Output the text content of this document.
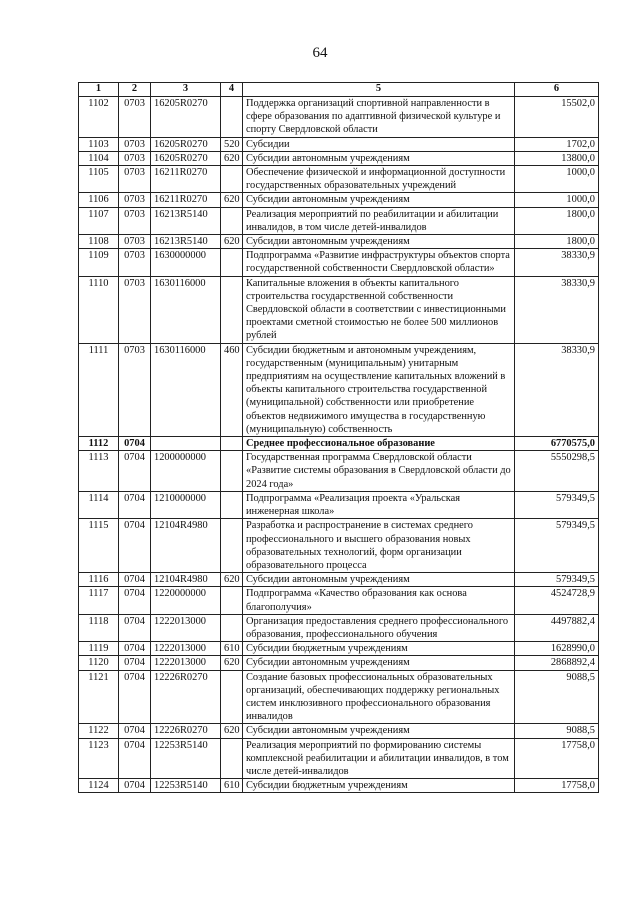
64
1	2	3	4	5	6
1102	0703	16205R0270		Поддержка организаций спортивной направленности в сфере образования по адаптивной физической культуре и спорту Свердловской области	15502,0
1103	0703	16205R0270	520	Субсидии	1702,0
1104	0703	16205R0270	620	Субсидии автономным учреждениям	13800,0
1105	0703	16211R0270		Обеспечение физической и информационной доступности государственных образовательных учреждений	1000,0
1106	0703	16211R0270	620	Субсидии автономным учреждениям	1000,0
1107	0703	16213R5140		Реализация мероприятий по реабилитации и абилитации инвалидов, в том числе детей-инвалидов	1800,0
1108	0703	16213R5140	620	Субсидии автономным учреждениям	1800,0
1109	0703	1630000000		Подпрограмма «Развитие инфраструктуры объектов спорта государственной собственности Свердловской области»	38330,9
1110	0703	1630116000		Капитальные вложения в объекты капитального строительства государственной собственности Свердловской области в соответствии с инвестиционными проектами сметной стоимостью не более 500 миллионов рублей	38330,9
1111	0703	1630116000	460	Субсидии бюджетным и автономным учреждениям, государственным (муниципальным) унитарным предприятиям на осуществление капитальных вложений в объекты капитального строительства государственной (муниципальной) собственности или приобретение объектов недвижимого имущества в государственную (муниципальную) собственность	38330,9
1112	0704			Среднее профессиональное образование	6770575,0
1113	0704	1200000000		Государственная программа Свердловской области «Развитие системы образования в Свердловской области до 2024 года»	5550298,5
1114	0704	1210000000		Подпрограмма «Реализация проекта «Уральская инженерная школа»	579349,5
1115	0704	12104R4980		Разработка и распространение в системах среднего профессионального и высшего образования новых образовательных технологий, форм организации образовательного процесса	579349,5
1116	0704	12104R4980	620	Субсидии автономным учреждениям	579349,5
1117	0704	1220000000		Подпрограмма «Качество образования как основа благополучия»	4524728,9
1118	0704	1222013000		Организация предоставления среднего профессионального образования, профессионального обучения	4497882,4
1119	0704	1222013000	610	Субсидии бюджетным учреждениям	1628990,0
1120	0704	1222013000	620	Субсидии автономным учреждениям	2868892,4
1121	0704	12226R0270		Создание базовых профессиональных образовательных организаций, обеспечивающих поддержку региональных систем инклюзивного профессионального образования инвалидов	9088,5
1122	0704	12226R0270	620	Субсидии автономным учреждениям	9088,5
1123	0704	12253R5140		Реализация мероприятий по формированию системы комплексной реабилитации и абилитации инвалидов, в том числе детей-инвалидов	17758,0
1124	0704	12253R5140	610	Субсидии бюджетным учреждениям	17758,0
